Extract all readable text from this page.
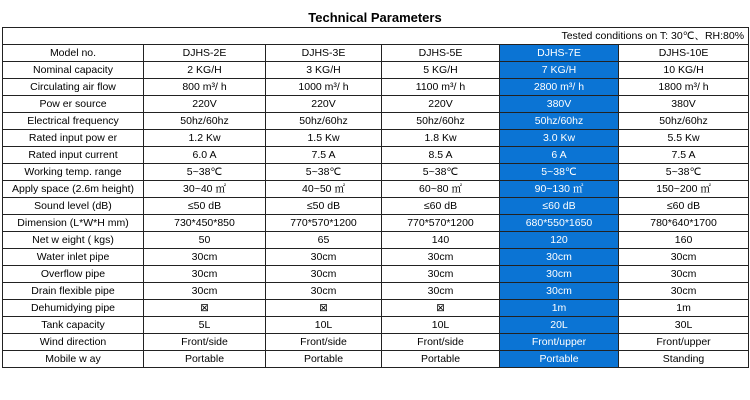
Technical Parameters
Tested conditions on T: 30℃、RH:80%					
Model no.	DJHS-2E	DJHS-3E	DJHS-5E	DJHS-7E	DJHS-10E
Nominal capacity	2 KG/H	3 KG/H	5 KG/H	7 KG/H	10 KG/H
Circulating air flow	800 m³/ h	1000 m³/ h	1100 m³/ h	2800 m³/ h	1800 m³/ h
Pow er source	220V	220V	220V	380V	380V
Electrical frequency	50hz/60hz	50hz/60hz	50hz/60hz	50hz/60hz	50hz/60hz
Rated input pow er	1.2 Kw	1.5 Kw	1.8 Kw	3.0 Kw	5.5 Kw
Rated input current	6.0 A	7.5 A	8.5 A	6 A	7.5 A
Working temp. range	5~38℃	5~38℃	5~38℃	5~38℃	5~38℃
Apply space (2.6m height)	30~40 ㎡	40~50 ㎡	60~80 ㎡	90~130 ㎡	150~200 ㎡
Sound level (dB)	≤50 dB	≤50 dB	≤60 dB	≤60 dB	≤60 dB
Dimension (L*W*H mm)	730*450*850	770*570*1200	770*570*1200	680*550*1650	780*640*1700
Net w eight ( kgs)	50	65	140	120	160
Water inlet pipe	30cm	30cm	30cm	30cm	30cm
Overflow pipe	30cm	30cm	30cm	30cm	30cm
Drain flexible pipe	30cm	30cm	30cm	30cm	30cm
Dehumidying pipe	⊠	⊠	⊠	1m	1m
Tank capacity	5L	10L	10L	20L	30L
Wind direction	Front/side	Front/side	Front/side	Front/upper	Front/upper
Mobile w ay	Portable	Portable	Portable	Portable	Standing
